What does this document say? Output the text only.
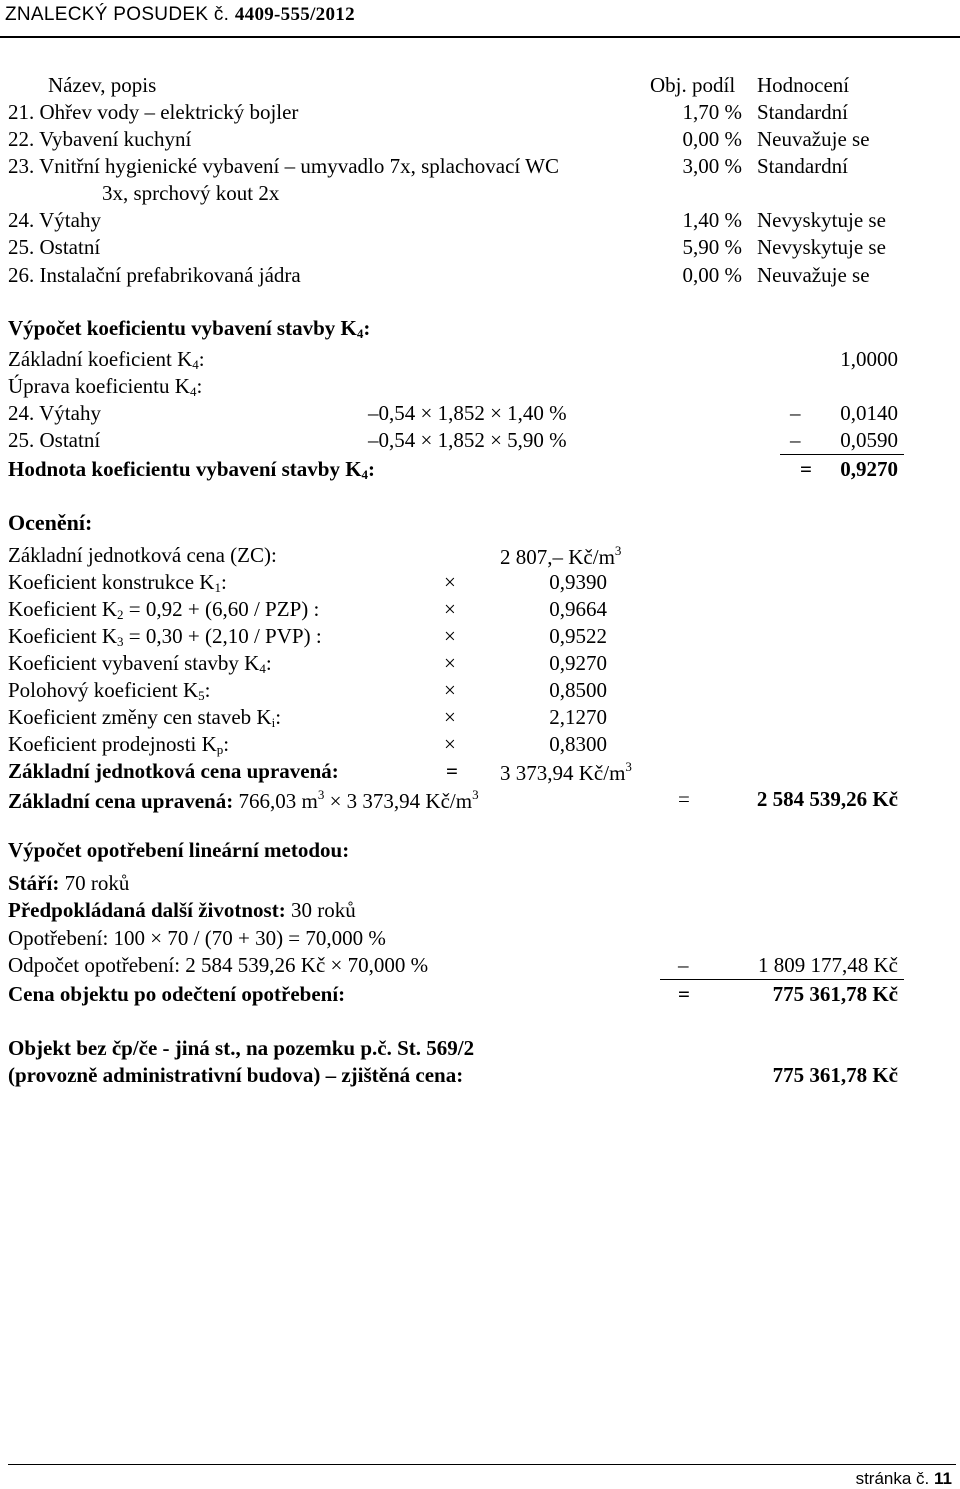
ZNALECKÝ POSUDEK č. 4409-555/2012
Název, popis	Obj. podíl Hodnocení
21. Ohřev vody – elektrický bojler	1,70 % Standardní
22. Vybavení kuchyní	0,00 % Neuvažuje se
23. Vnitřní hygienické vybavení – umyvadlo 7x, splachovací WC	3,00 % Standardní
3x, sprchový kout 2x
24. Výtahy	1,40 % Nevyskytuje se
25. Ostatní	5,90 % Nevyskytuje se
26. Instalační prefabrikovaná jádra	0,00 % Neuvažuje se
Výpočet koeficientu vybavení stavby $K_4$:
Základní koeficient $K_4$:	1,0000
Úprava koeficientu $K_4$:
24. Výtahy	–0,54 × 1,852 × 1,40 %	– 0,0140
25. Ostatní	–0,54 × 1,852 × 5,90 %	– 0,0590
Hodnota koeficientu vybavení stavby $K_4$:	= 0,9270
Ocenění:
Základní jednotková cena (ZC):	2 807,– $Kč/m^3$
Koeficient konstrukce $K_1$:	×	0,9390
Koeficient $K_2 = 0,92 + (6,60 / PZP)$ :	×	0,9664
Koeficient $K_3 = 0,30 + (2,10 / PVP)$ :	×	0,9522
Koeficient vybavení stavby $K_4$:	×	0,9270
Polohový koeficient $K_5$:	×	0,8500
Koeficient změny cen staveb $K_i$:	×	2,1270
Koeficient prodejnosti $K_p$:	×	0,8300
Základní jednotková cena upravená:	= 3 373,94 $Kč/m^3$
Základní cena upravená: 766,03 $m^3 \times 3$ 373,94 $Kč/m^3$	=	2 584 539,26 Kč
Výpočet opotřebení lineární metodou:
Stáří: 70 roků
Předpokládaná další životnost: 30 roků
Opotřebení: 100 × 70 / (70 + 30) = 70,000 %
Odpočet opotřebení: 2 584 539,26 Kč × 70,000 %	–	1 809 177,48 Kč
Cena objektu po odečtení opotřebení:	=	775 361,78 Kč
Objekt bez čp/če - jiná st., na pozemku p.č. St. 569/2
(provozně administrativní budova) – zjištěná cena:	775 361,78 Kč
stránka č. 11
